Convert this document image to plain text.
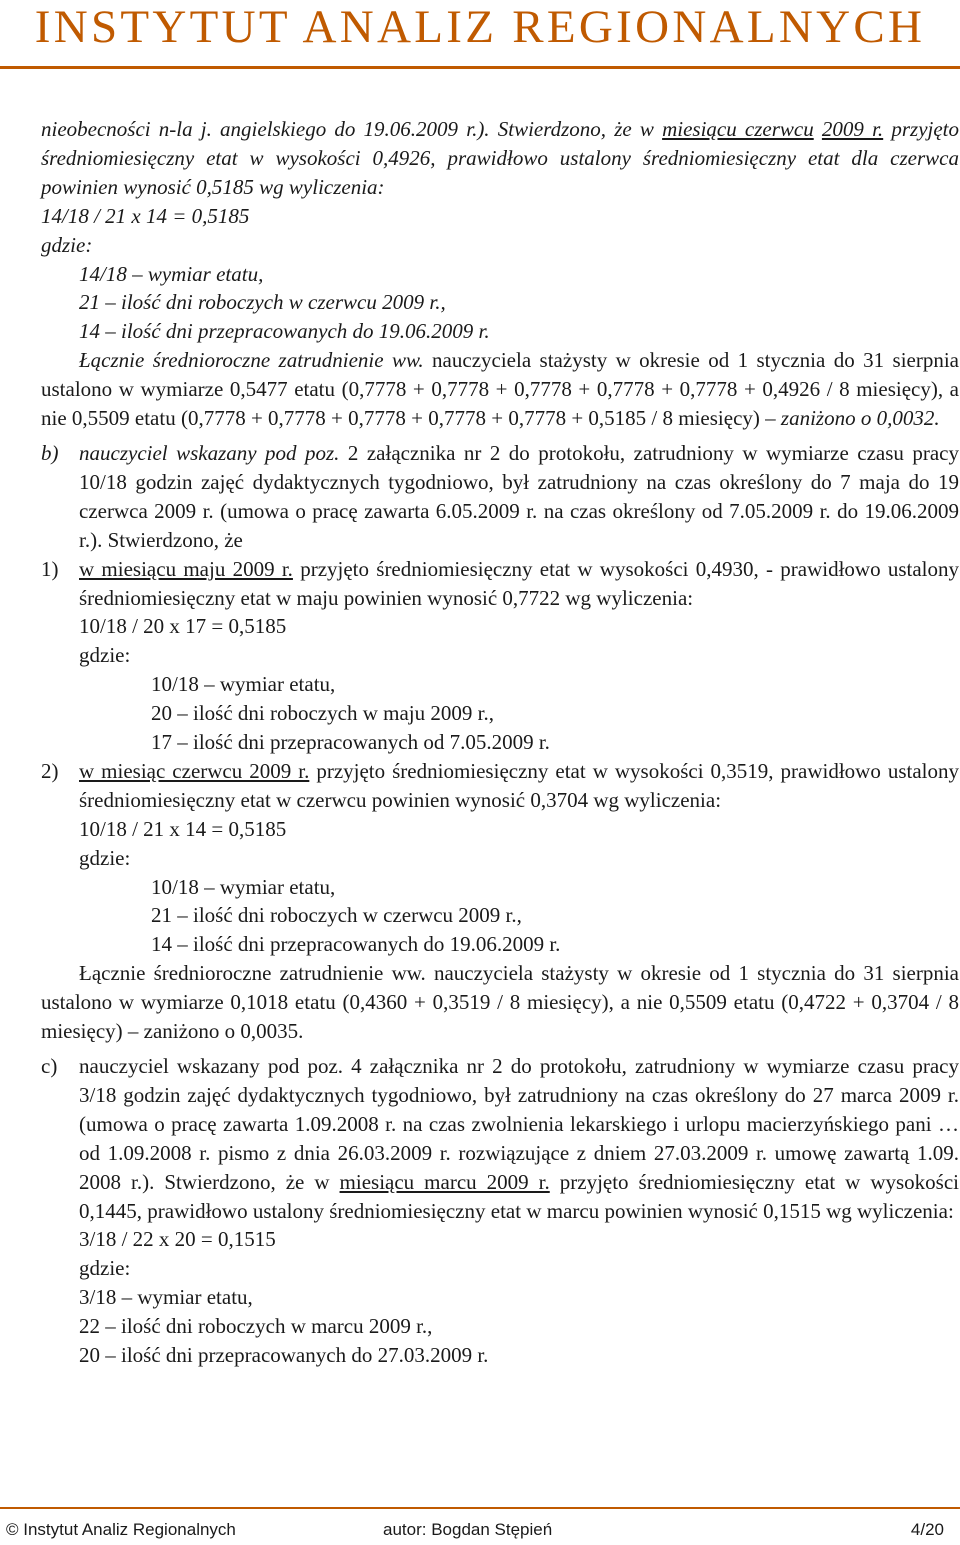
INSTYTUT ANALIZ REGIONALNYCH

nieobecności n-la j. angielskiego do 19.06.2009 r.). Stwierdzono, że w miesiącu czerwcu 2009 r. przyjęto średniomiesięczny etat w wysokości 0,4926, prawidłowo ustalony średniomiesięczny etat dla czerwca powinien wynosić 0,5185 wg wyliczenia:

14/18 / 21 x 14 = 0,5185

gdzie:

14/18 – wymiar etatu,

21 – ilość dni roboczych w czerwcu 2009 r.,

14 – ilość dni przepracowanych do 19.06.2009 r.

Łącznie średnioroczne zatrudnienie ww. nauczyciela stażysty w okresie od 1 stycznia do 31 sierpnia ustalono w wymiarze 0,5477 etatu (0,7778 + 0,7778 + 0,7778 + 0,7778 + 0,7778 + 0,4926 / 8 miesięcy), a nie 0,5509 etatu (0,7778 + 0,7778 + 0,7778 + 0,7778 + 0,7778 + 0,5185 / 8 miesięcy) – zaniżono o 0,0032.

b) nauczyciel wskazany pod poz. 2 załącznika nr 2 do protokołu, zatrudniony w wymiarze czasu pracy 10/18 godzin zajęć dydaktycznych tygodniowo, był zatrudniony na czas określony do 7 maja do 19 czerwca 2009 r. (umowa o pracę zawarta 6.05.2009 r. na czas określony od 7.05.2009 r. do 19.06.2009 r.). Stwierdzono, że

1) w miesiącu maju 2009 r. przyjęto średniomiesięczny etat w wysokości 0,4930, - prawidłowo ustalony średniomiesięczny etat w maju powinien wynosić 0,7722 wg wyliczenia:

10/18 / 20 x 17 = 0,5185

gdzie:

10/18 – wymiar etatu,

20 – ilość dni roboczych w maju 2009 r.,

17 – ilość dni przepracowanych od 7.05.2009 r.

2) w miesiąc czerwcu 2009 r. przyjęto średniomiesięczny etat w wysokości 0,3519, prawidłowo ustalony średniomiesięczny etat w czerwcu powinien wynosić 0,3704 wg wyliczenia:

10/18 / 21 x 14 = 0,5185

gdzie:

10/18 – wymiar etatu,

21 – ilość dni roboczych w czerwcu 2009 r.,

14 – ilość dni przepracowanych do 19.06.2009 r.

Łącznie średnioroczne zatrudnienie ww. nauczyciela stażysty w okresie od 1 stycznia do 31 sierpnia ustalono w wymiarze 0,1018 etatu (0,4360 + 0,3519 / 8 miesięcy), a nie 0,5509 etatu (0,4722 + 0,3704 / 8 miesięcy) – zaniżono o 0,0035.

c) nauczyciel wskazany pod poz. 4 załącznika nr 2 do protokołu, zatrudniony w wymiarze czasu pracy 3/18 godzin zajęć dydaktycznych tygodniowo, był zatrudniony na czas określony do 27 marca 2009 r. (umowa o pracę zawarta 1.09.2008 r. na czas zwolnienia lekarskiego i urlopu macierzyńskiego pani … od 1.09.2008 r. pismo z dnia 26.03.2009 r. rozwiązujące z dniem 27.03.2009 r. umowę zawartą 1.09. 2008 r.). Stwierdzono, że w miesiącu marcu 2009 r. przyjęto średniomiesięczny etat w wysokości 0,1445, prawidłowo ustalony średniomiesięczny etat w marcu powinien wynosić 0,1515 wg wyliczenia:

3/18 / 22 x 20 = 0,1515

gdzie:

3/18 – wymiar etatu,

22 – ilość dni roboczych w marcu 2009 r.,

20 – ilość dni przepracowanych do 27.03.2009 r.

© Instytut Analiz Regionalnych	autor: Bogdan Stępień	4/20
